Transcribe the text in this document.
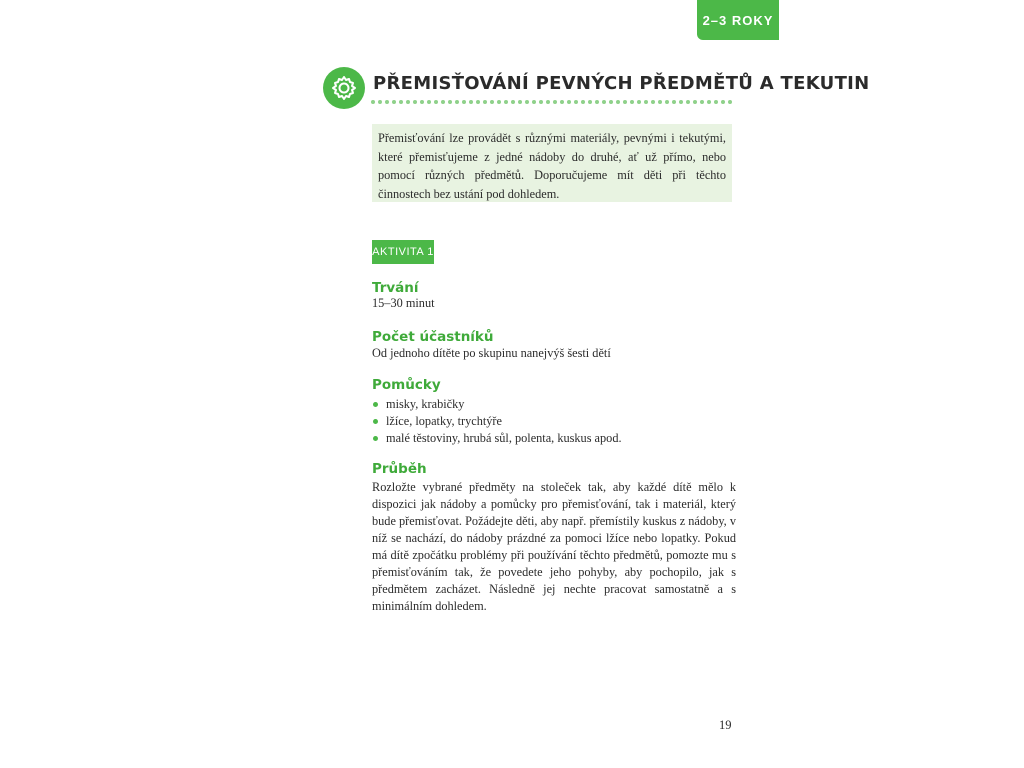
2–3 ROKY
PŘEMISŤOVÁNÍ PEVNÝCH PŘEDMĚTŮ A TEKUTIN
Přemisťování lze provádět s různými materiály, pevnými i tekutými, které přemisťujeme z jedné nádoby do druhé, ať už přímo, nebo pomocí různých předmětů. Doporučujeme mít děti při těchto činnostech bez ustání pod dohledem.
AKTIVITA 1
Trvání
15–30 minut
Počet účastníků
Od jednoho dítěte po skupinu nanejvýš šesti dětí
Pomůcky
misky, krabičky
lžíce, lopatky, trychtýře
malé těstoviny, hrubá sůl, polenta, kuskus apod.
Průběh

Rozložte vybrané předměty na stoleček tak, aby každé dítě mělo k dispozici jak nádoby a pomůcky pro přemisťování, tak i materiál, který bude přemisťovat. Požádejte děti, aby např. přemístily kuskus z nádoby, v níž se nachází, do nádoby prázdné za pomoci lžíce nebo lopatky. Pokud má dítě zpočátku problémy při používání těchto předmětů, pomozte mu s přemisťováním tak, že povedete jeho pohyby, aby pochopilo, jak s předmětem zacházet. Následně jej nechte pracovat samostatně a s minimálním dohledem.

19
